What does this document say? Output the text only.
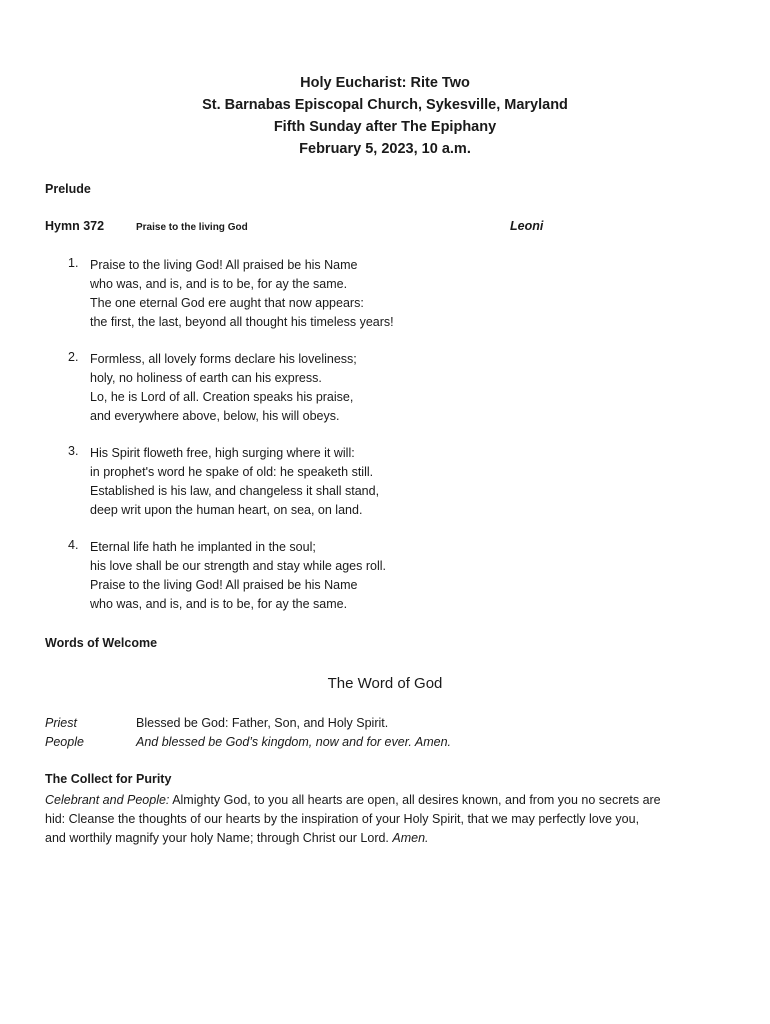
Holy Eucharist: Rite Two
St. Barnabas Episcopal Church, Sykesville, Maryland
Fifth Sunday after The Epiphany
February 5, 2023, 10 a.m.
Prelude
Hymn 372	Praise to the living God	Leoni
1. Praise to the living God! All praised be his Name
who was, and is, and is to be, for ay the same.
The one eternal God ere aught that now appears:
the first, the last, beyond all thought his timeless years!
2. Formless, all lovely forms declare his loveliness;
holy, no holiness of earth can his express.
Lo, he is Lord of all. Creation speaks his praise,
and everywhere above, below, his will obeys.
3. His Spirit floweth free, high surging where it will:
in prophet's word he spake of old: he speaketh still.
Established is his law, and changeless it shall stand,
deep writ upon the human heart, on sea, on land.
4. Eternal life hath he implanted in the soul;
his love shall be our strength and stay while ages roll.
Praise to the living God! All praised be his Name
who was, and is, and is to be, for ay the same.
Words of Welcome
The Word of God
Priest	Blessed be God: Father, Son, and Holy Spirit.
People	And blessed be God’s kingdom, now and for ever. Amen.
The Collect for Purity
Celebrant and People: Almighty God, to you all hearts are open, all desires known, and from you no secrets are
hid: Cleanse the thoughts of our hearts by the inspiration of your Holy Spirit, that we may perfectly love you,
and worthily magnify your holy Name; through Christ our Lord. Amen.
